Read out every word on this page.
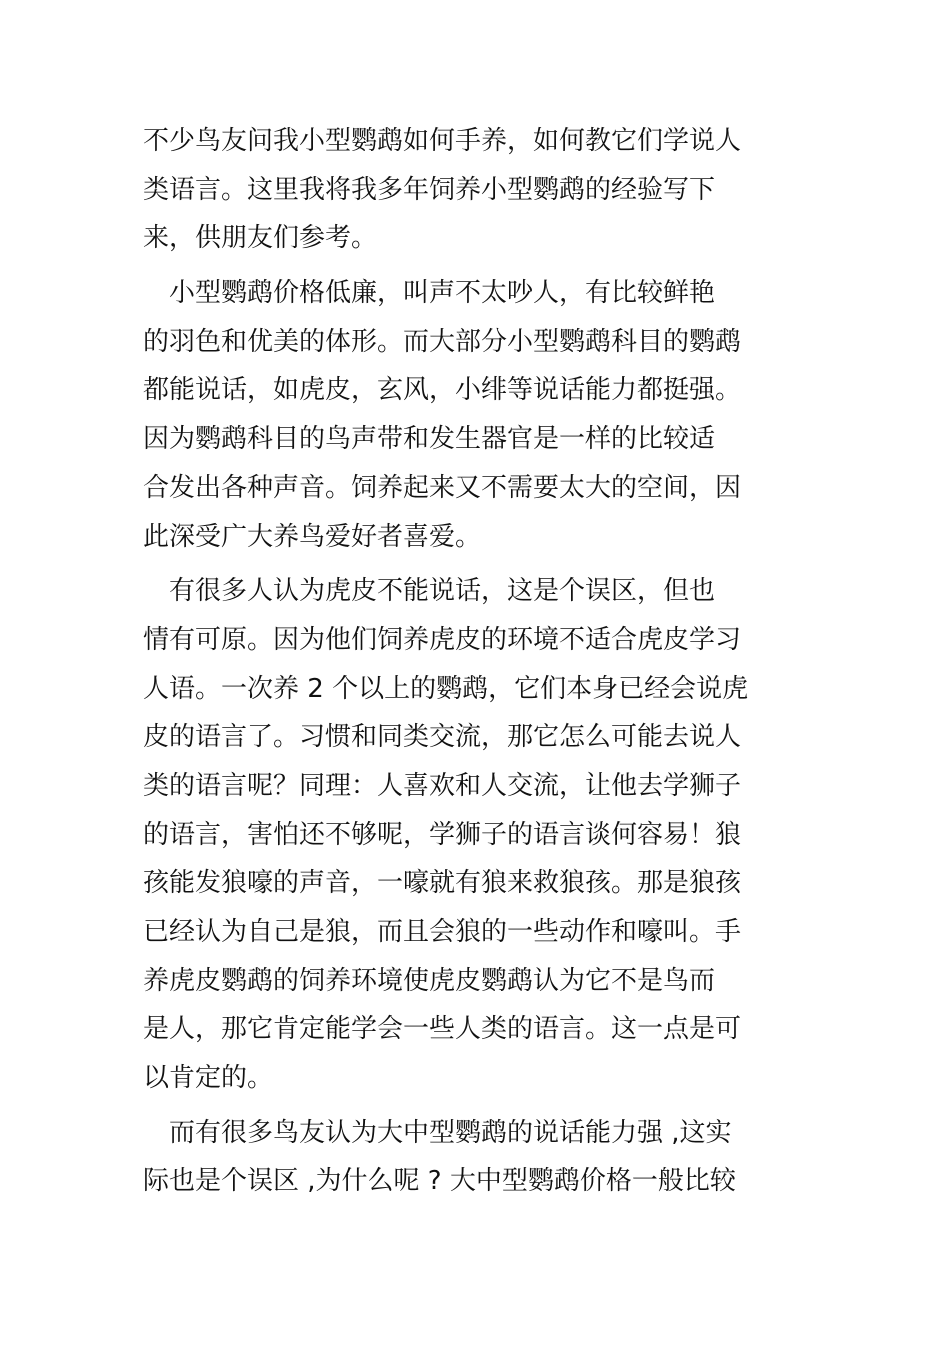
不少鸟友问我小型鹦鹉如何手养，如何教它们学说人
类语言。这里我将我多年饲养小型鹦鹉的经验写下
来，供朋友们参考。
　小型鹦鹉价格低廉，叫声不太吵人，有比较鲜艳
的羽色和优美的体形。而大部分小型鹦鹉科目的鹦鹉
都能说话，如虎皮，玄风，小绯等说话能力都挺强。
因为鹦鹉科目的鸟声带和发生器官是一样的比较适
合发出各种声音。饲养起来又不需要太大的空间，因
此深受广大养鸟爱好者喜爱。
　有很多人认为虎皮不能说话，这是个误区，但也
情有可原。因为他们饲养虎皮的环境不适合虎皮学习
人语。一次养 2 个以上的鹦鹉，它们本身已经会说虎
皮的语言了。习惯和同类交流，那它怎么可能去说人
类的语言呢？同理：人喜欢和人交流，让他去学狮子
的语言，害怕还不够呢，学狮子的语言谈何容易！狼
孩能发狼嚎的声音，一嚎就有狼来救狼孩。那是狼孩
已经认为自己是狼，而且会狼的一些动作和嚎叫。手
养虎皮鹦鹉的饲养环境使虎皮鹦鹉认为它不是鸟而
是人，那它肯定能学会一些人类的语言。这一点是可
以肯定的。
　而有很多鸟友认为大中型鹦鹉的说话能力强 ,这实
际也是个误区 ,为什么呢 ? 大中型鹦鹉价格一般比较
